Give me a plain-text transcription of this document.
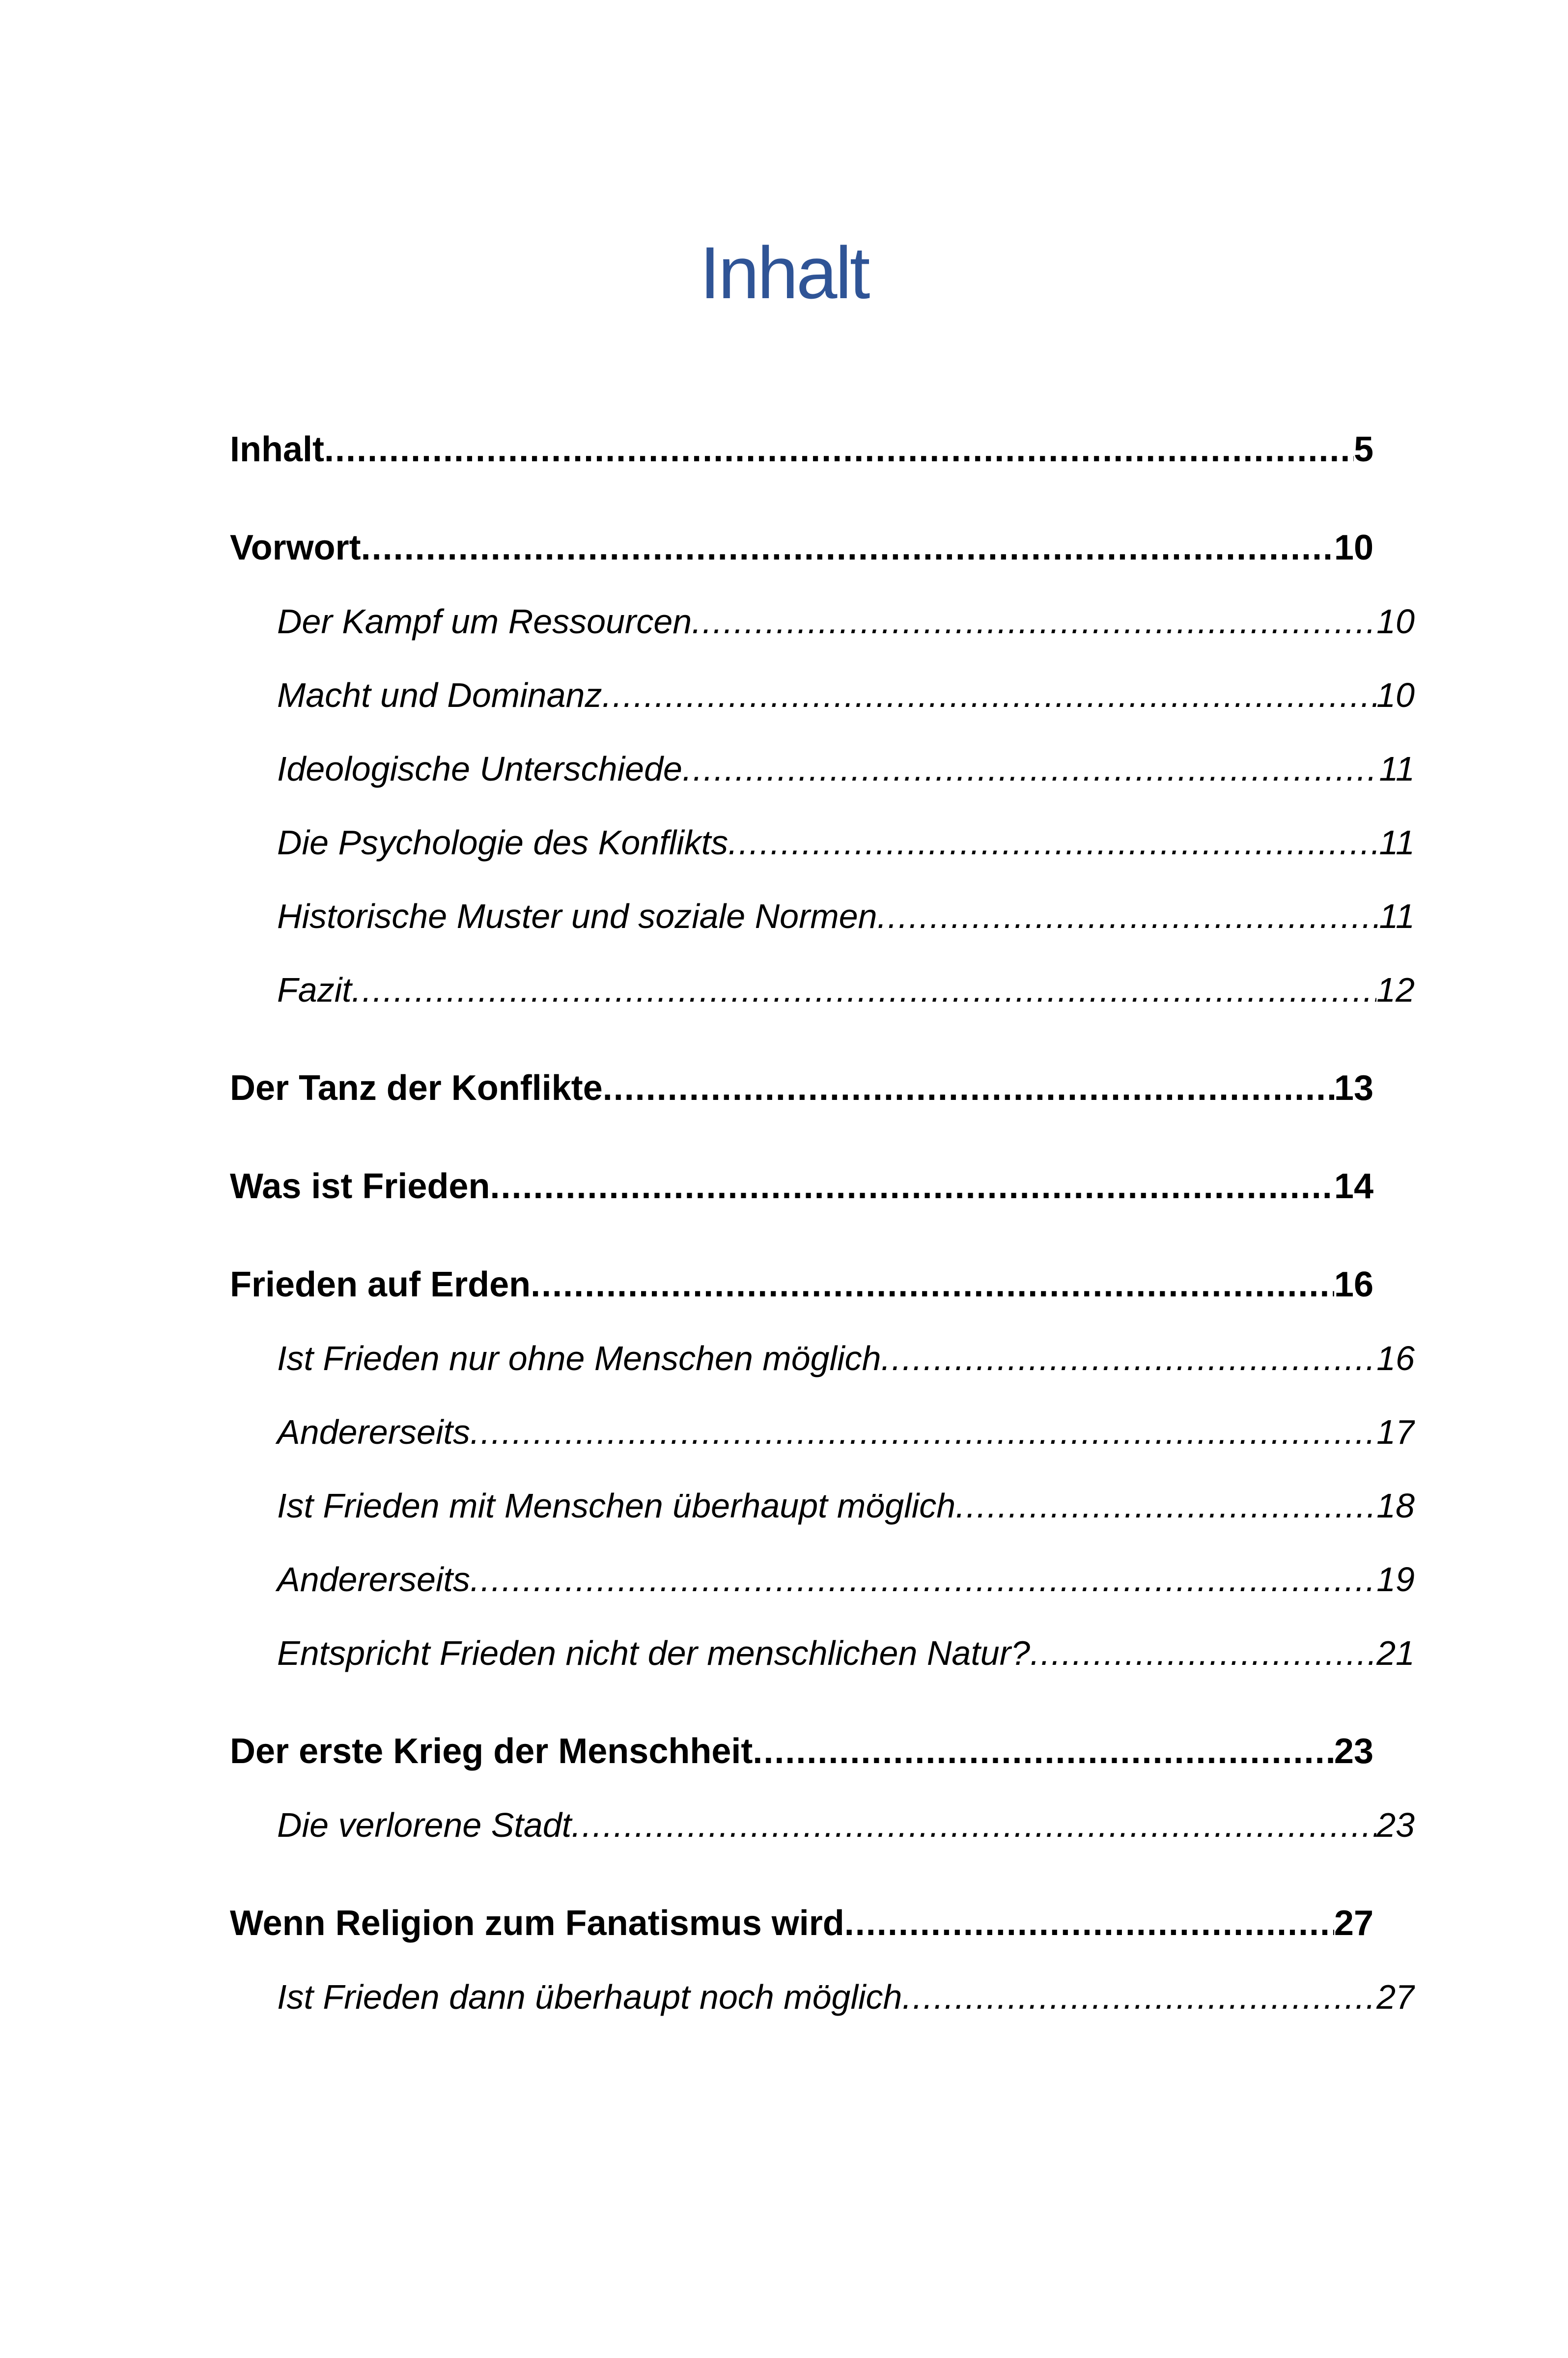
Inhalt
Inhalt .....	5
Vorwort .....	10
Der Kampf um Ressourcen .....	10
Macht und Dominanz .....	10
Ideologische Unterschiede .....	11
Die Psychologie des Konflikts .....	11
Historische Muster und soziale Normen .....	11
Fazit .....	12
Der Tanz der Konflikte .....	13
Was ist Frieden .....	14
Frieden auf Erden .....	16
Ist Frieden nur ohne Menschen möglich .....	16
Andererseits .....	17
Ist Frieden mit Menschen überhaupt möglich .....	18
Andererseits .....	19
Entspricht Frieden nicht der menschlichen Natur? .....	21
Der erste Krieg der Menschheit .....	23
Die verlorene Stadt .....	23
Wenn Religion zum Fanatismus wird .....	27
Ist Frieden dann überhaupt noch möglich .....	27
